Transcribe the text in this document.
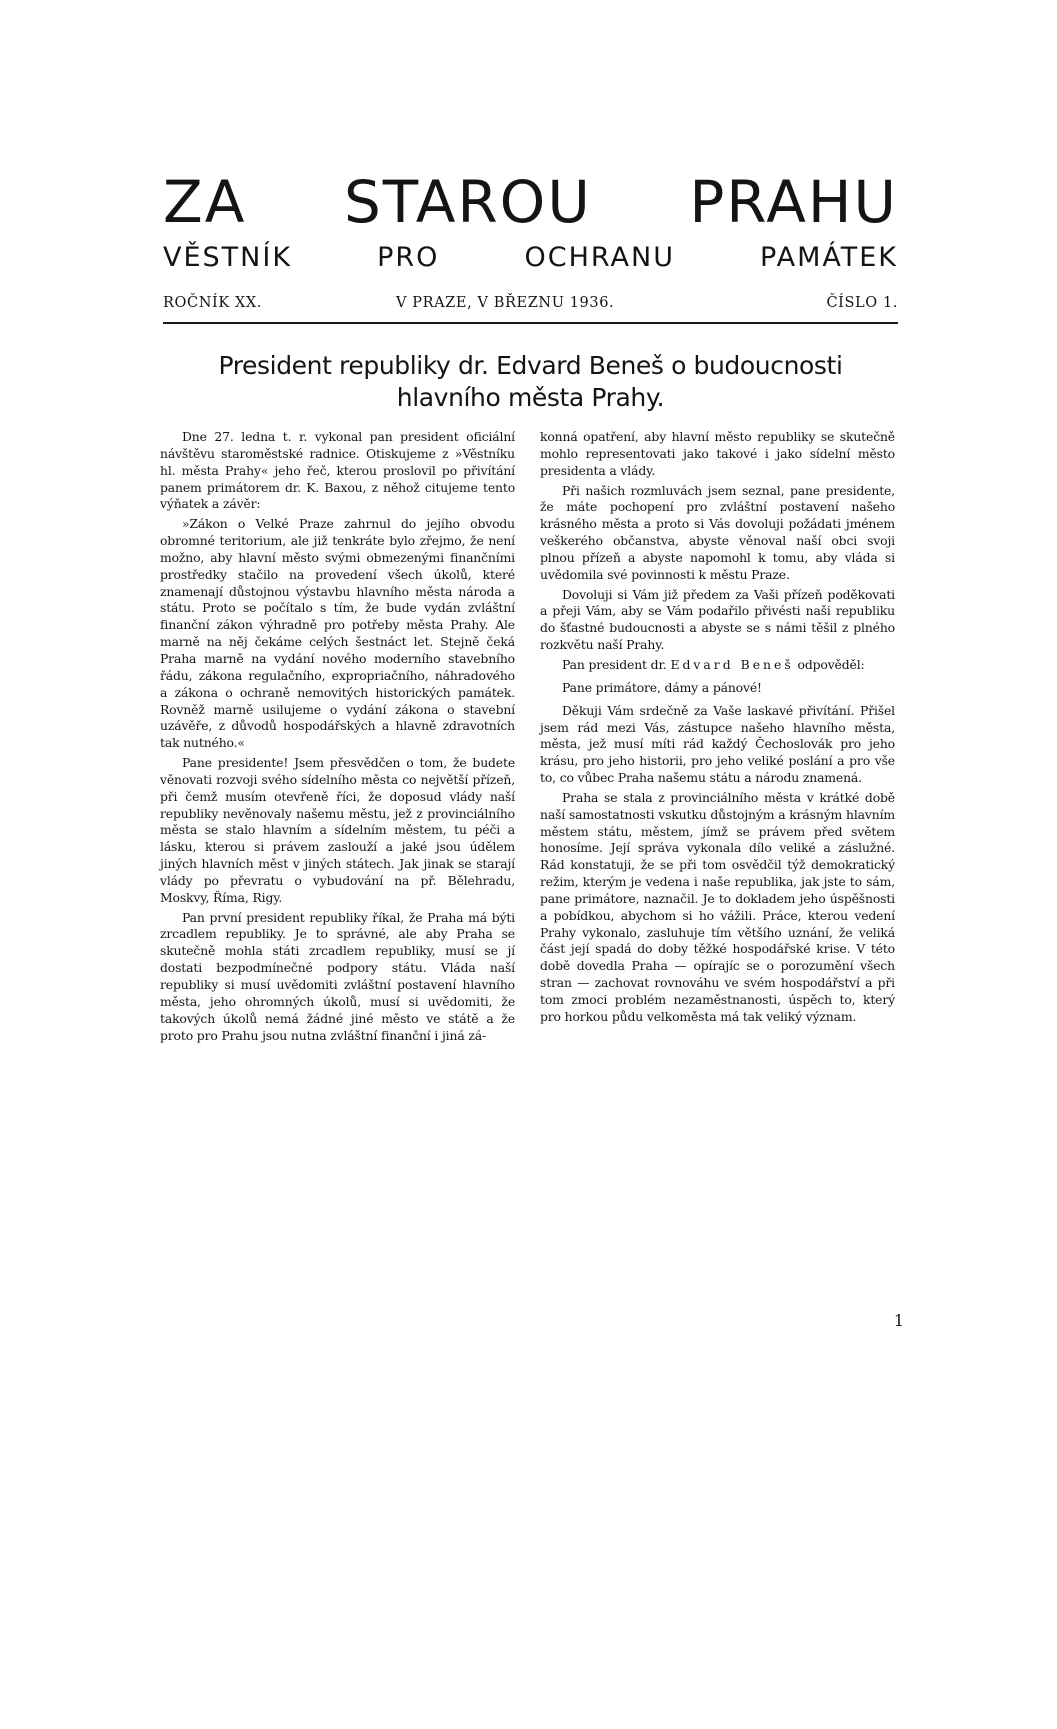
ZA STAROU PRAHU
VĚSTNÍK PRO OCHRANU PAMÁTEK
ROČNÍK XX.	V PRAZE, V BŘEZNU 1936.	ČÍSLO 1.
President republiky dr. Edvard Beneš o budoucnosti
hlavního města Prahy.

Dne 27. ledna t. r. vykonal pan president oficiální návštěvu staroměstské radnice. Otiskujeme z »Věstníku hl. města Prahy« jeho řeč, kterou proslovil po přivítání panem primátorem dr. K. Baxou, z něhož citujeme tento výňatek a závěr:

»Zákon o Velké Praze zahrnul do jejího obvodu obromné teritorium, ale již tenkráte bylo zřejmo, že není možno, aby hlavní město svými obmezenými finančními prostředky stačilo na provedení všech úkolů, které znamenají důstojnou výstavbu hlavního města národa a státu. Proto se počítalo s tím, že bude vydán zvláštní finanční zákon výhradně pro potřeby města Prahy. Ale marně na něj čekáme celých šestnáct let. Stejně čeká Praha marně na vydání nového moderního stavebního řádu, zákona regulačního, expropriačního, náhradového a zákona o ochraně nemovitých historických památek. Rovněž marně usilujeme o vydání zákona o stavební uzávěře, z důvodů hospodářských a hlavně zdravotních tak nutného.«

Pane presidente! Jsem přesvědčen o tom, že budete věnovati rozvoji svého sídelního města co největší přízeň, při čemž musím otevřeně říci, že doposud vlády naší republiky nevěnovaly našemu městu, jež z provinciálního města se stalo hlavním a sídelním městem, tu péči a lásku, kterou si právem zaslouží a jaké jsou údělem jiných hlavních měst v jiných státech. Jak jinak se starají vlády po převratu o vybudování na př. Bělehradu, Moskvy, Říma, Rigy.

Pan první president republiky říkal, že Praha má býti zrcadlem republiky. Je to správné, ale aby Praha se skutečně mohla státi zrcadlem republiky, musí se jí dostati bezpodmínečné podpory státu. Vláda naší republiky si musí uvědomiti zvláštní postavení hlavního města, jeho ohromných úkolů, musí si uvědomiti, že takových úkolů nemá žádné jiné město ve státě a že proto pro Prahu jsou nutna zvláštní finanční i jiná zá-

konná opatření, aby hlavní město republiky se skutečně mohlo representovati jako takové i jako sídelní město presidenta a vlády.

Při našich rozmluvách jsem seznal, pane presidente, že máte pochopení pro zvláštní postavení našeho krásného města a proto si Vás dovoluji požádati jménem veškerého občanstva, abyste věnoval naší obci svoji plnou přízeň a abyste napomohl k tomu, aby vláda si uvědomila své povinnosti k městu Praze.

Dovoluji si Vám již předem za Vaši přízeň poděkovati a přeji Vám, aby se Vám podařilo přivésti naši republiku do šťastné budoucnosti a abyste se s námi těšil z plného rozkvětu naší Prahy.

Pan president dr. Edvard Beneš odpověděl:

Pane primátore, dámy a pánové!

Děkuji Vám srdečně za Vaše laskavé přivítání. Přišel jsem rád mezi Vás, zástupce našeho hlavního města, města, jež musí míti rád každý Čechoslovák pro jeho krásu, pro jeho historii, pro jeho veliké poslání a pro vše to, co vůbec Praha našemu státu a národu znamená.

Praha se stala z provinciálního města v krátké době naší samostatnosti vskutku důstojným a krásným hlavním městem státu, městem, jímž se právem před světem honosíme. Její správa vykonala dílo veliké a záslužné. Rád konstatuji, že se při tom osvědčil týž demokratický režim, kterým je vedena i naše republika, jak jste to sám, pane primátore, naznačil. Je to dokladem jeho úspěšnosti a pobídkou, abychom si ho vážili. Práce, kterou vedení Prahy vykonalo, zasluhuje tím většího uznání, že veliká část její spadá do doby těžké hospodářské krise. V této době dovedla Praha — opírajíc se o porozumění všech stran — zachovat rovnováhu ve svém hospodářství a při tom zmoci problém nezaměstnanosti, úspěch to, který pro horkou půdu velkoměsta má tak veliký význam.

1
